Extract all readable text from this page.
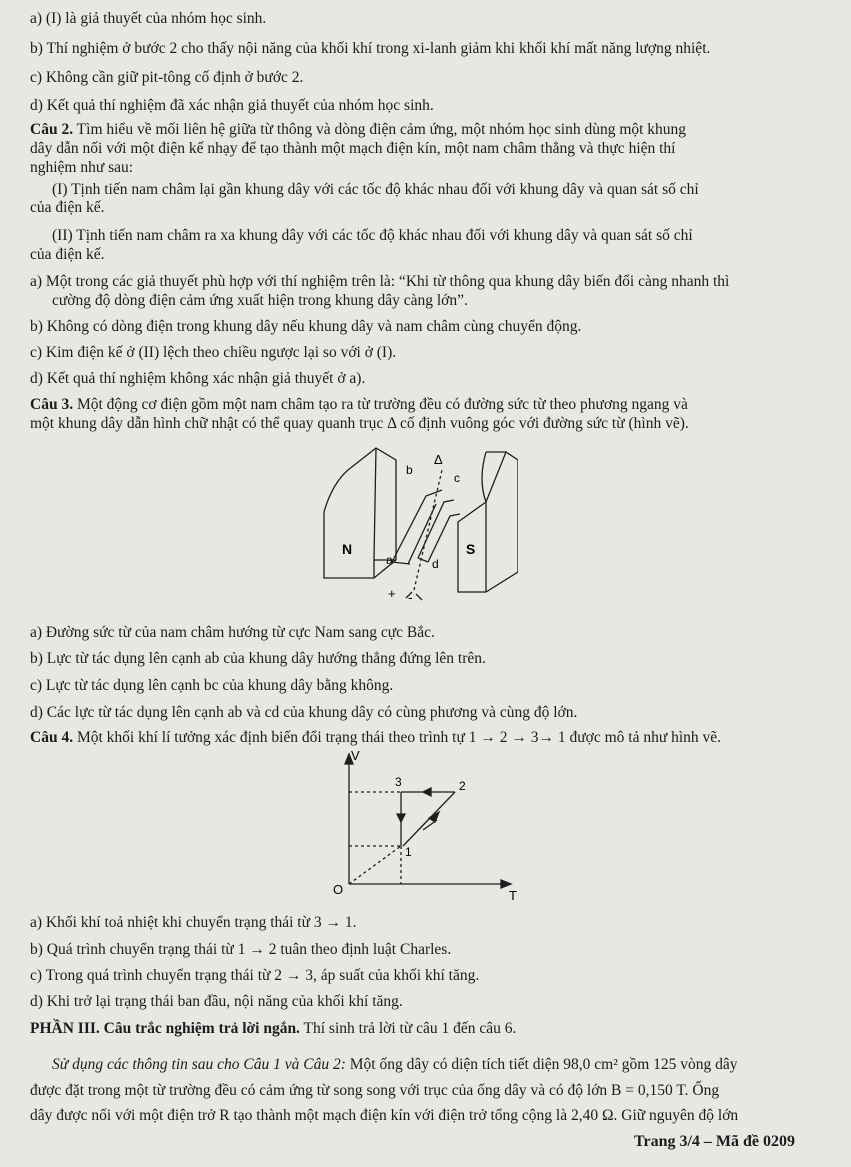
a) (I) là giả thuyết của nhóm học sinh.
b) Thí nghiệm ở bước 2 cho thấy nội năng của khối khí trong xi-lanh giảm khi khối khí mất năng lượng nhiệt.
c) Không cần giữ pit-tông cố định ở bước 2.
d) Kết quả thí nghiệm đã xác nhận giả thuyết của nhóm học sinh.
Câu 2. Tìm hiểu về mối liên hệ giữa từ thông và dòng điện cảm ứng, một nhóm học sinh dùng một khung
dây dẫn nối với một điện kế nhạy để tạo thành một mạch điện kín, một nam châm thẳng và thực hiện thí
nghiệm như sau:
(I) Tịnh tiến nam châm lại gần khung dây với các tốc độ khác nhau đối với khung dây và quan sát số chỉ
của điện kế.
(II) Tịnh tiến nam châm ra xa khung dây với các tốc độ khác nhau đối với khung dây và quan sát số chỉ
của điện kế.
a) Một trong các giả thuyết phù hợp với thí nghiệm trên là: “Khi từ thông qua khung dây biến đổi càng nhanh thì
cường độ dòng điện cảm ứng xuất hiện trong khung dây càng lớn”.
b) Không có dòng điện trong khung dây nếu khung dây và nam châm cùng chuyển động.
c) Kim điện kế ở (II) lệch theo chiều ngược lại so với ở (I).
d) Kết quả thí nghiệm không xác nhận giả thuyết ở a).
Câu 3. Một động cơ điện gồm một nam châm tạo ra từ trường đều có đường sức từ theo phương ngang và
một khung dây dẫn hình chữ nhật có thể quay quanh trục Δ cố định vuông góc với đường sức từ (hình vẽ).
Δ
b
c
a	d
N	S
+ -
a) Đường sức từ của nam châm hướng từ cực Nam sang cực Bắc.
b) Lực từ tác dụng lên cạnh ab của khung dây hướng thẳng đứng lên trên.
c) Lực từ tác dụng lên cạnh bc của khung dây bằng không.
d) Các lực từ tác dụng lên cạnh ab và cd của khung dây có cùng phương và cùng độ lớn.
Câu 4. Một khối khí lí tưởng xác định biến đổi trạng thái theo trình tự 1 → 2 → 3→ 1 được mô tả như hình vẽ.
V
T
O
1
2
3
a) Khối khí toả nhiệt khi chuyển trạng thái từ 3 → 1.
b) Quá trình chuyển trạng thái từ 1 → 2 tuân theo định luật Charles.
c) Trong quá trình chuyển trạng thái từ 2 → 3, áp suất của khối khí tăng.
d) Khi trở lại trạng thái ban đầu, nội năng của khối khí tăng.
PHẦN III. Câu trắc nghiệm trả lời ngắn. Thí sinh trả lời từ câu 1 đến câu 6.
Sử dụng các thông tin sau cho Câu 1 và Câu 2: Một ống dây có diện tích tiết diện 98,0 cm² gồm 125 vòng dây
được đặt trong một từ trường đều có cảm ứng từ song song với trục của ống dây và có độ lớn B = 0,150 T. Ống
dây được nối với một điện trở R tạo thành một mạch điện kín với điện trở tổng cộng là 2,40 Ω. Giữ nguyên độ lớn
Trang 3/4 – Mã đề 0209
